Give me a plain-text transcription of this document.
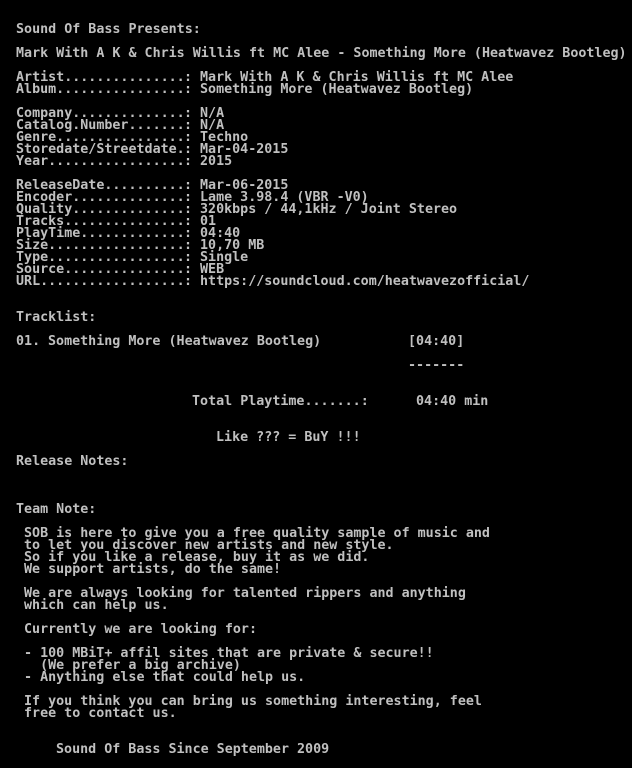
Sound Of Bass Presents:
Mark With A K & Chris Willis ft MC Alee - Something More (Heatwavez Bootleg)
Artist............... : Mark With A K & Chris Willis ft MC Alee
Album................ : Something More (Heatwavez Bootleg)
Company.............. : N/A
Catalog.Number....... : N/A
Genre................ : Techno
Storedate/Streetdate. : Mar-04-2015
Year................. : 2015
ReleaseDate.......... : Mar-06-2015
Encoder.............. : Lame 3.98.4 (VBR -V0)
Quality.............. : 320kbps / 44,1kHz / Joint Stereo
Tracks............... : 01
PlayTime............. : 04:40
Size................. : 10,70 MB
Type................. : Single
Source............... : WEB
URL.................. : https://soundcloud.com/heatwavezofficial/
Tracklist:
01. Something More (Heatwavez Bootleg)	[04:40]
-------
Total Playtime.......:	04:40 min
Like ??? = BuY !!!
Release Notes:
Team Note:
SOB is here to give you a free quality sample of music and
to let you discover new artists and new style.
So if you like a release, buy it as we did.
We support artists, do the same!
We are always looking for talented rippers and anything
which can help us.
Currently we are looking for:
- 100 MBiT+ affil sites that are private & secure!!
(We prefer a big archive)
- Anything else that could help us.
If you think you can bring us something interesting, feel
free to contact us.
Sound Of Bass Since September 2009
